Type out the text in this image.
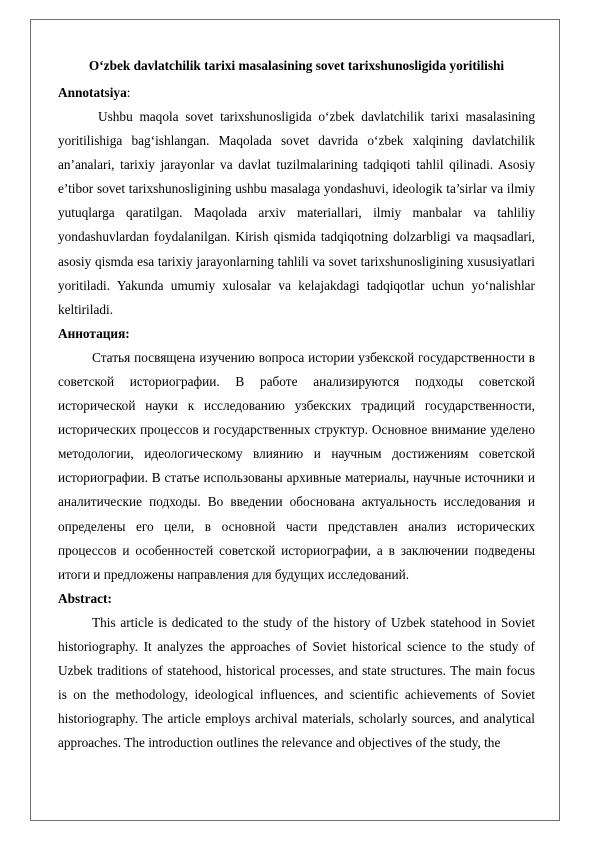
O‘zbek davlatchilik tarixi masalasining sovet tarixshunosligida yoritilishi

Annotatsiya:

Ushbu maqola sovet tarixshunosligida o‘zbek davlatchilik tarixi masalasining yoritilishiga bag‘ishlangan. Maqolada sovet davrida o‘zbek xalqining davlatchilik an’analari, tarixiy jarayonlar va davlat tuzilmalarining tadqiqoti tahlil qilinadi. Asosiy e’tibor sovet tarixshunosligining ushbu masalaga yondashuvi, ideologik ta’sirlar va ilmiy yutuqlarga qaratilgan. Maqolada arxiv materiallari, ilmiy manbalar va tahliliy yondashuvlardan foydalanilgan. Kirish qismida tadqiqotning dolzarbligi va maqsadlari, asosiy qismda esa tarixiy jarayonlarning tahlili va sovet tarixshunosligining xususiyatlari yoritiladi. Yakunda umumiy xulosalar va kelajakdagi tadqiqotlar uchun yo‘nalishlar keltiriladi.

Аннотация:

Статья посвящена изучению вопроса истории узбекской государственности в советской историографии. В работе анализируются подходы советской исторической науки к исследованию узбекских традиций государственности, исторических процессов и государственных структур. Основное внимание уделено методологии, идеологическому влиянию и научным достижениям советской историографии. В статье использованы архивные материалы, научные источники и аналитические подходы. Во введении обоснована актуальность исследования и определены его цели, в основной части представлен анализ исторических процессов и особенностей советской историографии, а в заключении подведены итоги и предложены направления для будущих исследований.

Abstract:

This article is dedicated to the study of the history of Uzbek statehood in Soviet historiography. It analyzes the approaches of Soviet historical science to the study of Uzbek traditions of statehood, historical processes, and state structures. The main focus is on the methodology, ideological influences, and scientific achievements of Soviet historiography. The article employs archival materials, scholarly sources, and analytical approaches. The introduction outlines the relevance and objectives of the study, the
